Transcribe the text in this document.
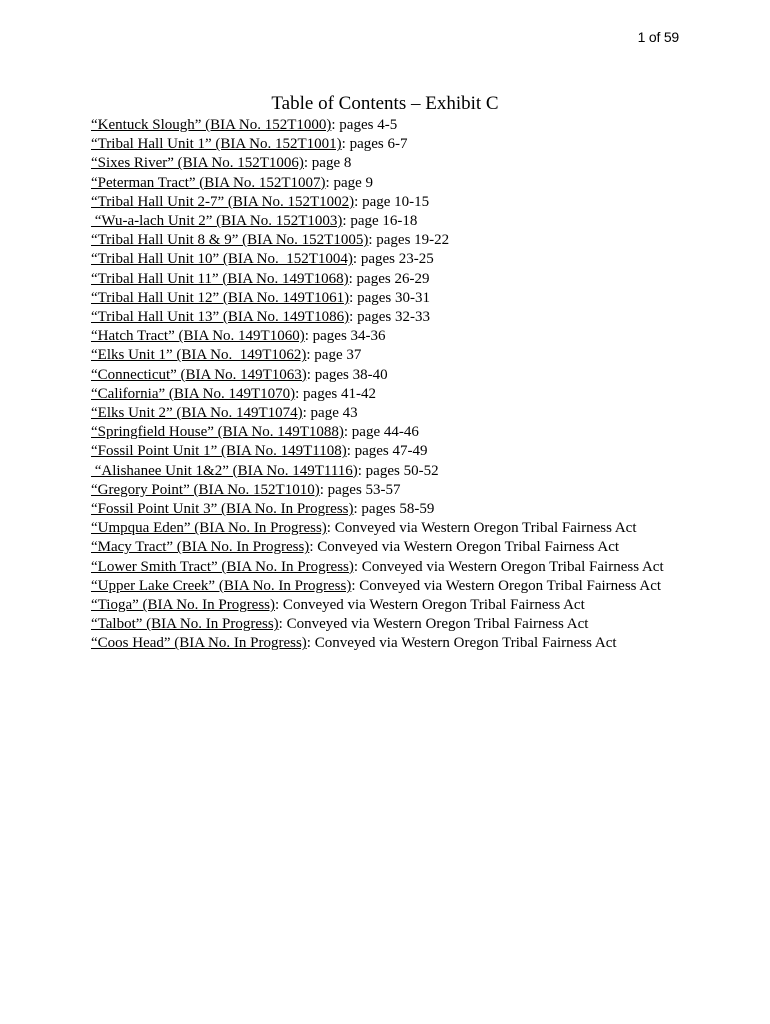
1 of 59
Table of Contents – Exhibit C
“Kentuck Slough” (BIA No. 152T1000): pages 4-5
“Tribal Hall Unit 1” (BIA No. 152T1001): pages 6-7
“Sixes River” (BIA No. 152T1006): page 8
“Peterman Tract” (BIA No. 152T1007): page 9
“Tribal Hall Unit 2-7” (BIA No. 152T1002): page 10-15
“Wu-a-lach Unit 2” (BIA No. 152T1003): page 16-18
“Tribal Hall Unit 8 & 9” (BIA No. 152T1005): pages 19-22
“Tribal Hall Unit 10” (BIA No.  152T1004): pages 23-25
“Tribal Hall Unit 11” (BIA No. 149T1068): pages 26-29
“Tribal Hall Unit 12” (BIA No. 149T1061): pages 30-31
“Tribal Hall Unit 13” (BIA No. 149T1086): pages 32-33
“Hatch Tract” (BIA No. 149T1060): pages 34-36
“Elks Unit 1” (BIA No.  149T1062): page 37
“Connecticut” (BIA No. 149T1063): pages 38-40
“California” (BIA No. 149T1070): pages 41-42
“Elks Unit 2” (BIA No. 149T1074): page 43
“Springfield House” (BIA No. 149T1088): page 44-46
“Fossil Point Unit 1” (BIA No. 149T1108): pages 47-49
“Alishanee Unit 1&2” (BIA No. 149T1116): pages 50-52
“Gregory Point” (BIA No. 152T1010): pages 53-57
“Fossil Point Unit 3” (BIA No. In Progress): pages 58-59
“Umpqua Eden” (BIA No. In Progress): Conveyed via Western Oregon Tribal Fairness Act
“Macy Tract” (BIA No. In Progress): Conveyed via Western Oregon Tribal Fairness Act
“Lower Smith Tract” (BIA No. In Progress): Conveyed via Western Oregon Tribal Fairness Act
“Upper Lake Creek” (BIA No. In Progress): Conveyed via Western Oregon Tribal Fairness Act
“Tioga” (BIA No. In Progress): Conveyed via Western Oregon Tribal Fairness Act
“Talbot” (BIA No. In Progress): Conveyed via Western Oregon Tribal Fairness Act
“Coos Head” (BIA No. In Progress): Conveyed via Western Oregon Tribal Fairness Act
